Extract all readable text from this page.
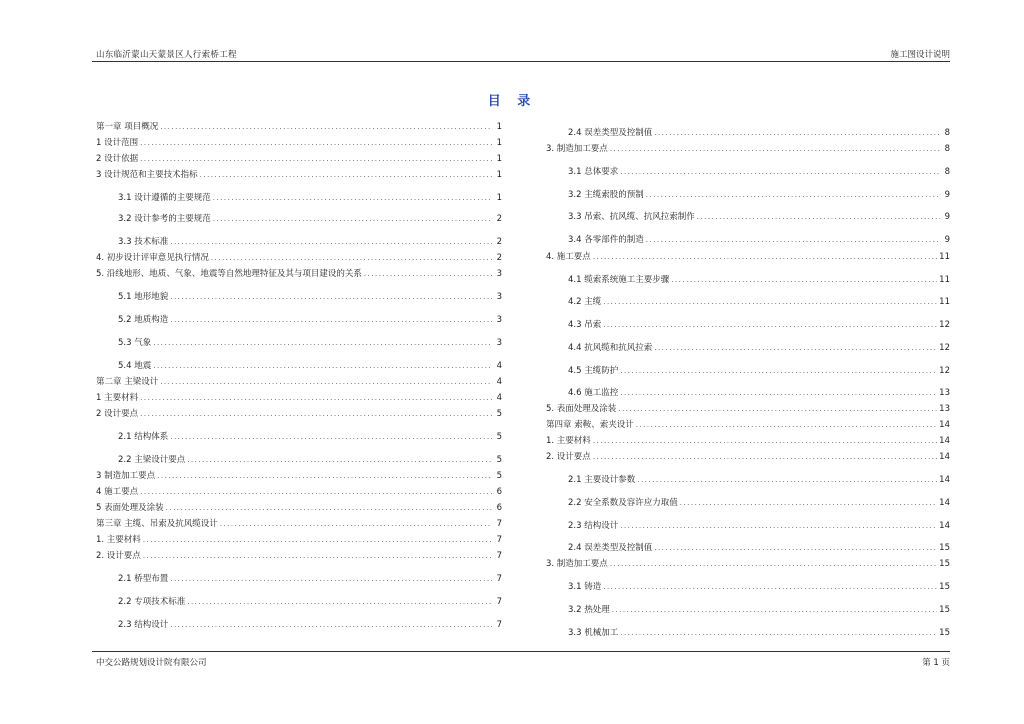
山东临沂蒙山天蒙景区人行索桥工程	施工图设计说明
目 录
第一章 项目概况 .....	1
1 设计范围 .....	1
2 设计依据 .....	1
3 设计规范和主要技术指标 .....	1
3.1 设计遵循的主要规范 .....	1
3.2 设计参考的主要规范 .....	2
3.3 技术标准 .....	2
4. 初步设计评审意见执行情况 .....	2
5. 沿线地形、地质、气象、地震等自然地理特征及其与项目建设的关系 .....	3
5.1 地形地貌 .....	3
5.2 地质构造 .....	3
5.3 气象 .....	3
5.4 地震 .....	4
第二章 主梁设计 .....	4
1 主要材料 .....	4
2 设计要点 .....	5
2.1 结构体系 .....	5
2.2 主梁设计要点 .....	5
3 制造加工要点 .....	5
4 施工要点 .....	6
5 表面处理及涂装 .....	6
第三章 主缆、吊索及抗风缆设计 .....	7
1. 主要材料 .....	7
2. 设计要点 .....	7
2.1 桥型布置 .....	7
2.2 专项技术标准 .....	7
2.3 结构设计 .....	7
2.4 误差类型及控制值 .....	8
3. 制造加工要点 .....	8
3.1 总体要求 .....	8
3.2 主缆索股的预制 .....	9
3.3 吊索、抗风缆、抗风拉索制作 .....	9
3.4 各零部件的制造 .....	9
4. 施工要点 .....	11
4.1 缆索系统施工主要步骤 .....	11
4.2 主缆 .....	11
4.3 吊索 .....	12
4.4 抗风缆和抗风拉索 .....	12
4.5 主缆防护 .....	12
4.6 施工监控 .....	13
5. 表面处理及涂装 .....	13
第四章 索鞍、索夹设计 .....	14
1. 主要材料 .....	14
2. 设计要点 .....	14
2.1 主要设计参数 .....	14
2.2 安全系数及容许应力取值 .....	14
2.3 结构设计 .....	14
2.4 误差类型及控制值 .....	15
3. 制造加工要点 .....	15
3.1 铸造 .....	15
3.2 热处理 .....	15
3.3 机械加工 .....	15
中交公路规划设计院有限公司	第 1 页
